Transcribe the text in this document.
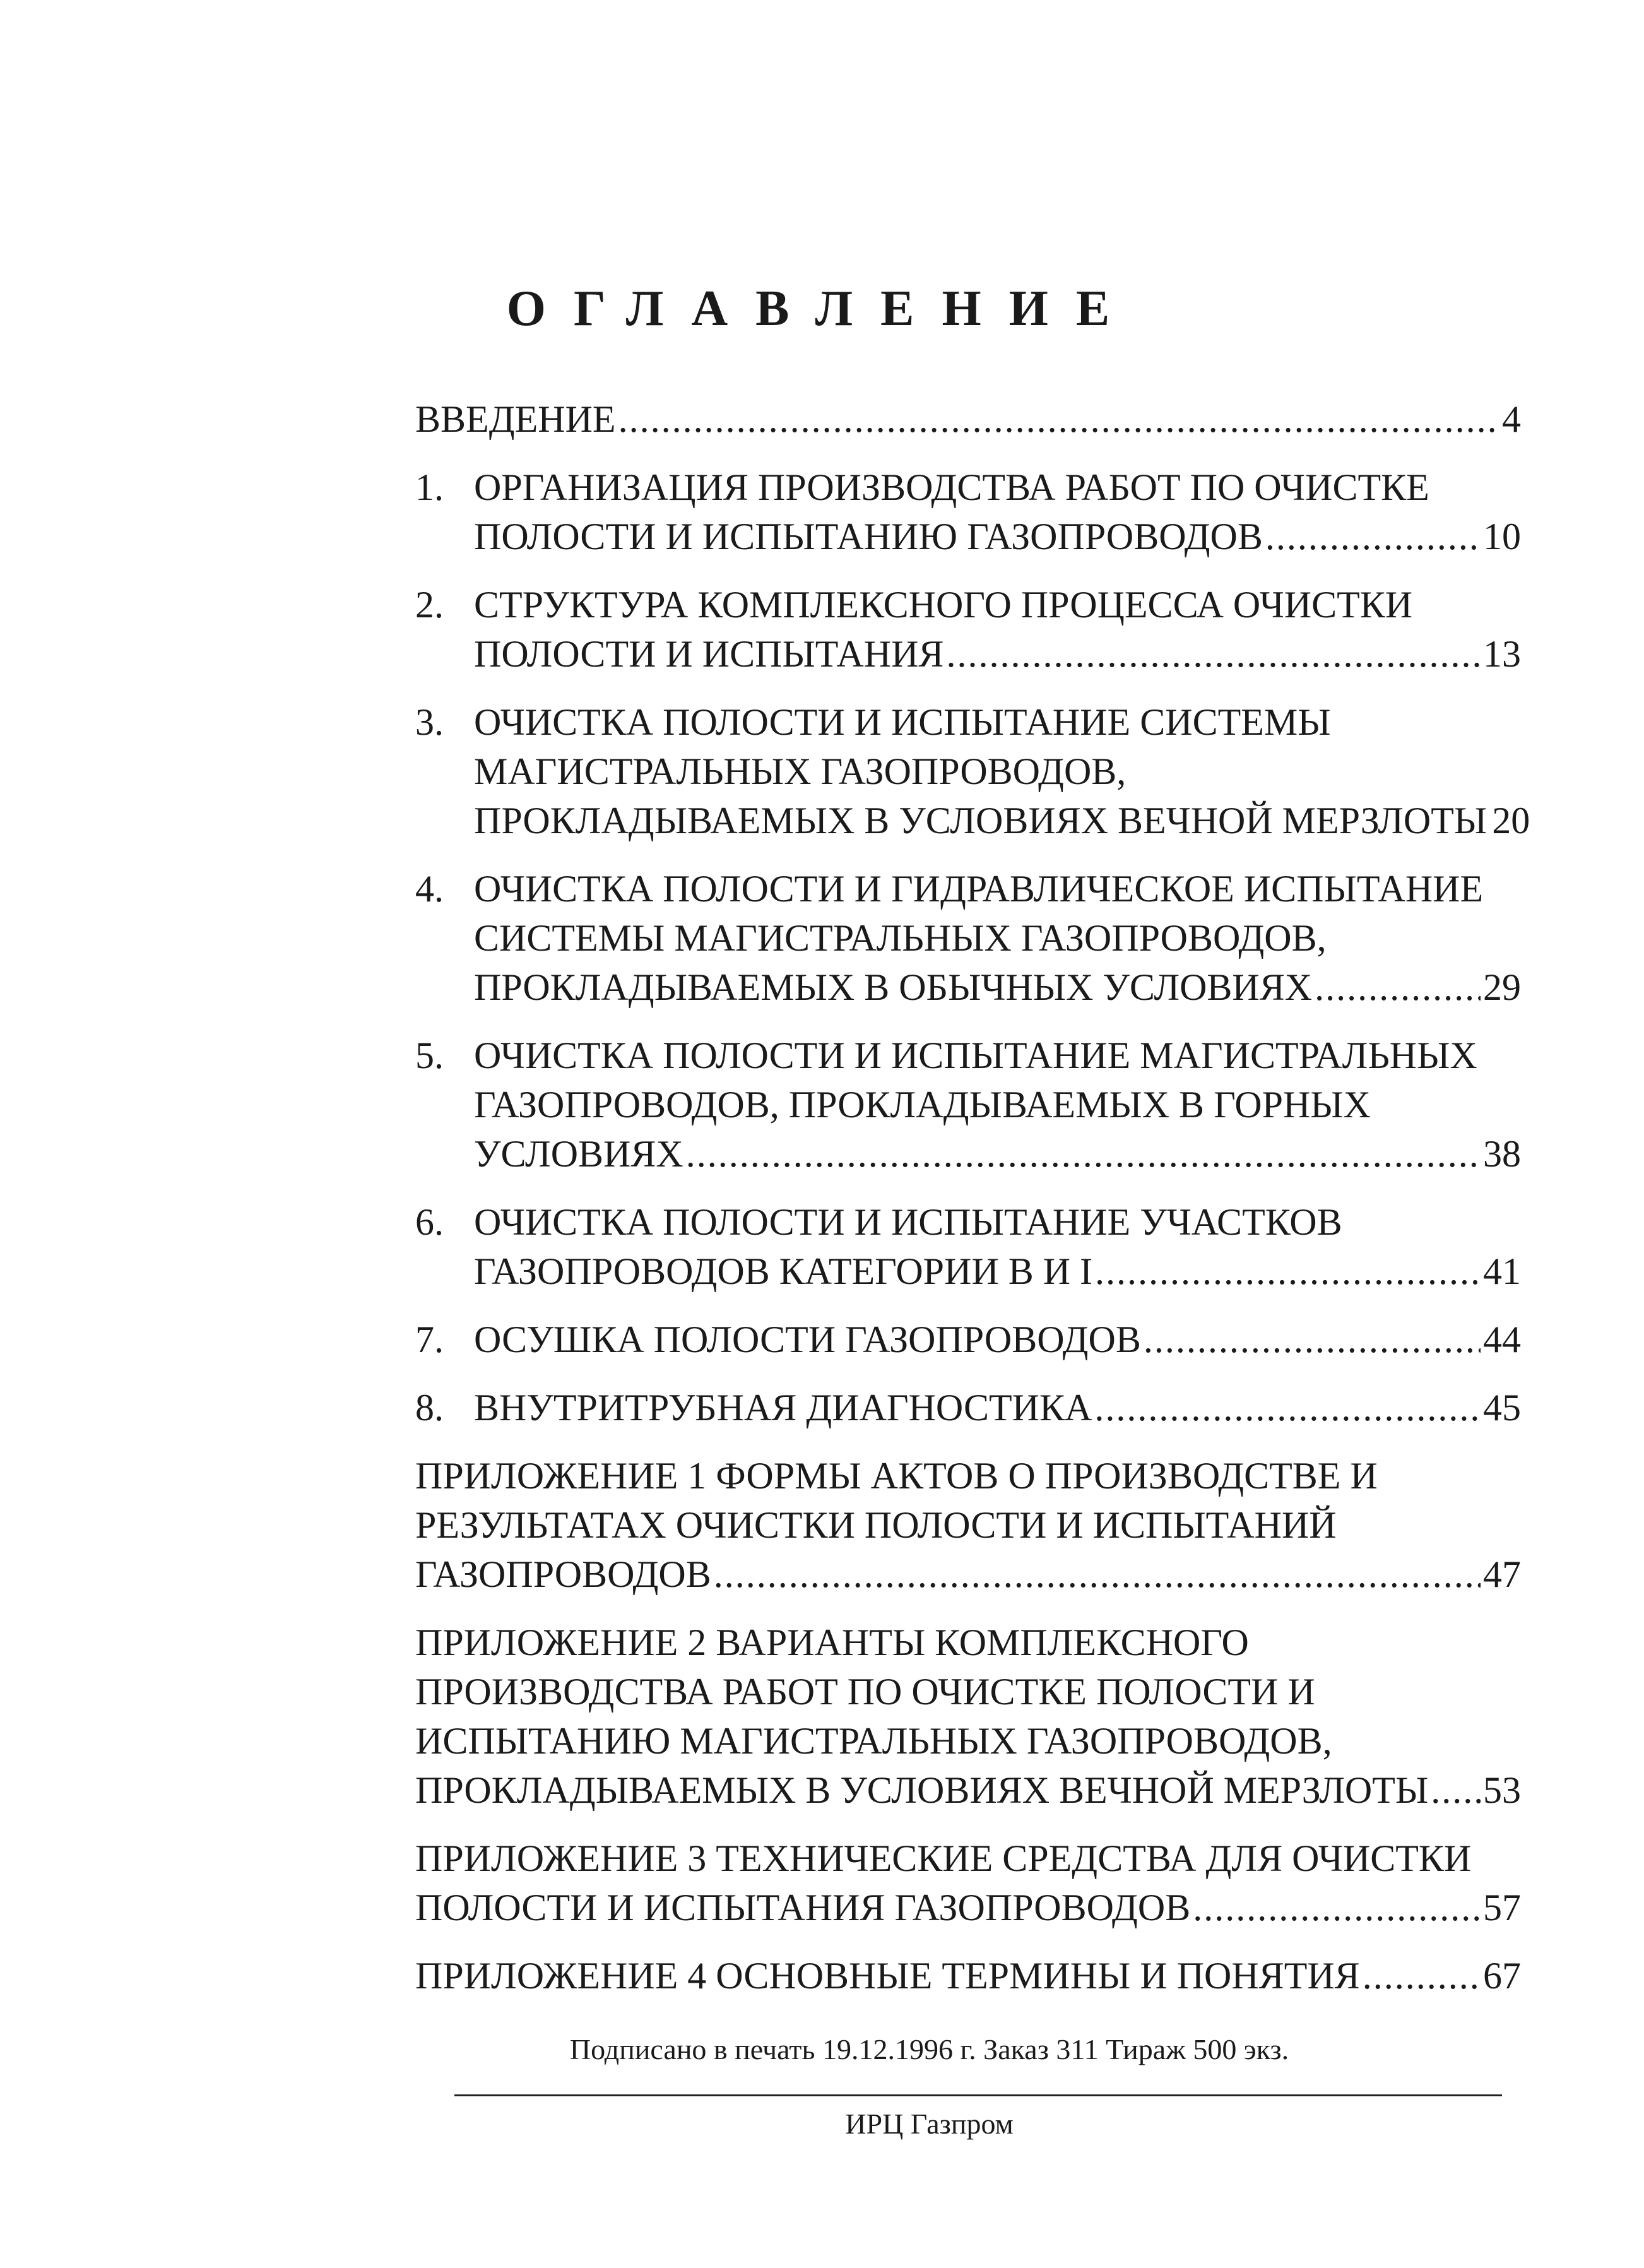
ОГЛАВЛЕНИЕ
ВВЕДЕНИЕ .....	4
1. ОРГАНИЗАЦИЯ ПРОИЗВОДСТВА РАБОТ ПО ОЧИСТКЕ
ПОЛОСТИ И ИСПЫТАНИЮ ГАЗОПРОВОДОВ .....	10
2. СТРУКТУРА КОМПЛЕКСНОГО ПРОЦЕССА ОЧИСТКИ
ПОЛОСТИ И ИСПЫТАНИЯ .....	13
3. ОЧИСТКА ПОЛОСТИ И ИСПЫТАНИЕ СИСТЕМЫ
МАГИСТРАЛЬНЫХ ГАЗОПРОВОДОВ,
ПРОКЛАДЫВАЕМЫХ В УСЛОВИЯХ ВЕЧНОЙ МЕРЗЛОТЫ 20
4. ОЧИСТКА ПОЛОСТИ И ГИДРАВЛИЧЕСКОЕ ИСПЫТАНИЕ
СИСТЕМЫ МАГИСТРАЛЬНЫХ ГАЗОПРОВОДОВ,
ПРОКЛАДЫВАЕМЫХ В ОБЫЧНЫХ УСЛОВИЯХ .....	29
5. ОЧИСТКА ПОЛОСТИ И ИСПЫТАНИЕ МАГИСТРАЛЬНЫХ
ГАЗОПРОВОДОВ, ПРОКЛАДЫВАЕМЫХ В ГОРНЫХ
УСЛОВИЯХ .....	38
6. ОЧИСТКА ПОЛОСТИ И ИСПЫТАНИЕ УЧАСТКОВ
ГАЗОПРОВОДОВ КАТЕГОРИИ В И I .....	41
7. ОСУШКА ПОЛОСТИ ГАЗОПРОВОДОВ .....	44
8. ВНУТРИТРУБНАЯ ДИАГНОСТИКА .....	45
ПРИЛОЖЕНИЕ 1 ФОРМЫ АКТОВ О ПРОИЗВОДСТВЕ И
РЕЗУЛЬТАТАХ ОЧИСТКИ ПОЛОСТИ И ИСПЫТАНИЙ
ГАЗОПРОВОДОВ .....	47
ПРИЛОЖЕНИЕ 2 ВАРИАНТЫ КОМПЛЕКСНОГО
ПРОИЗВОДСТВА РАБОТ ПО ОЧИСТКЕ ПОЛОСТИ И
ИСПЫТАНИЮ МАГИСТРАЛЬНЫХ ГАЗОПРОВОДОВ,
ПРОКЛАДЫВАЕМЫХ В УСЛОВИЯХ ВЕЧНОЙ МЕРЗЛОТЫ ..... 53
ПРИЛОЖЕНИЕ 3 ТЕХНИЧЕСКИЕ СРЕДСТВА ДЛЯ ОЧИСТКИ
ПОЛОСТИ И ИСПЫТАНИЯ ГАЗОПРОВОДОВ .....	57
ПРИЛОЖЕНИЕ 4 ОСНОВНЫЕ ТЕРМИНЫ И ПОНЯТИЯ .....	67
Подписано в печать 19.12.1996 г. Заказ 311 Тираж 500 экз.
ИРЦ Газпром
